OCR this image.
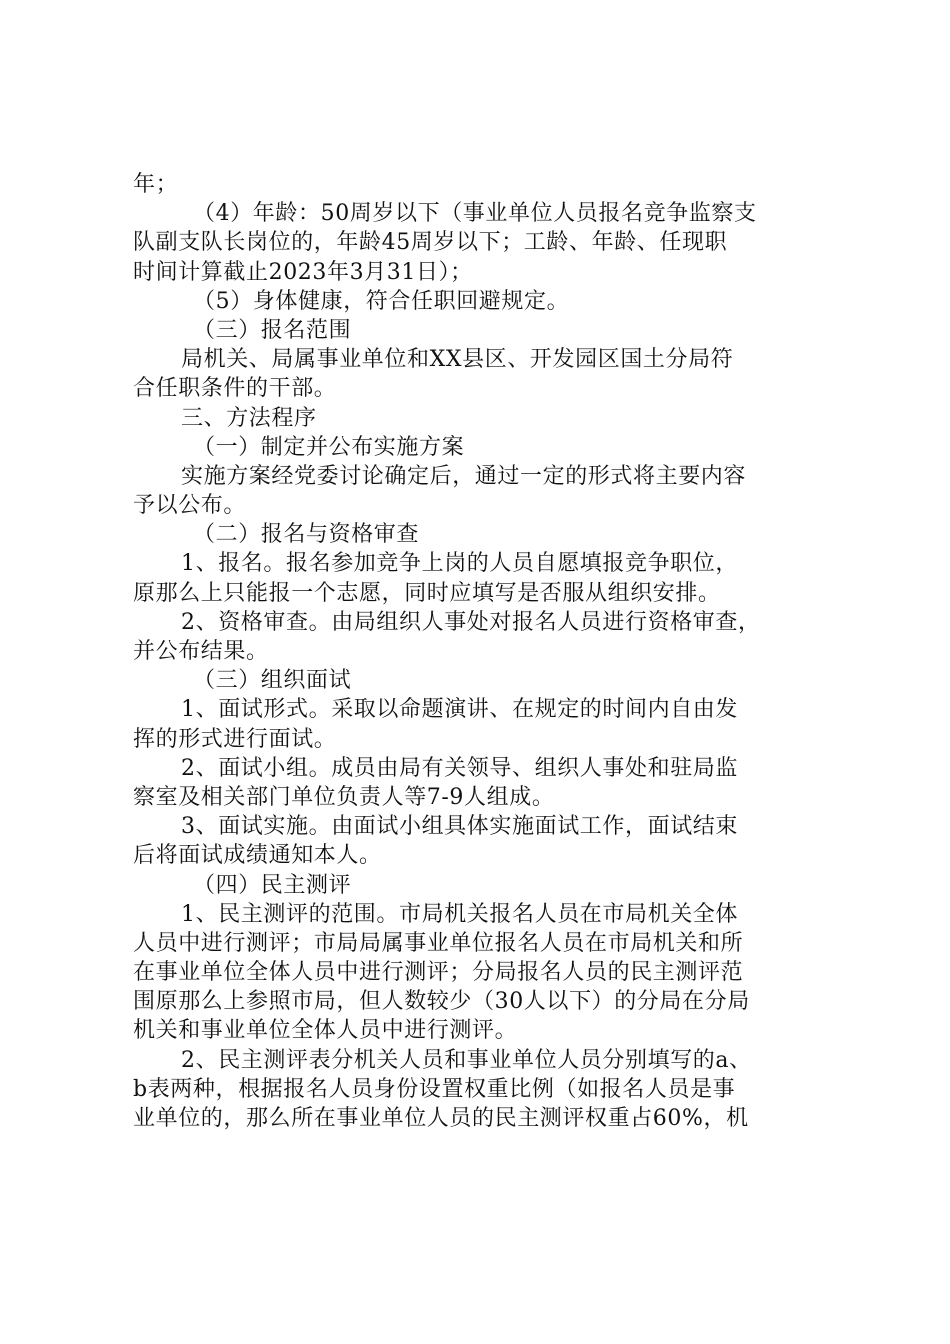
年；
（4）年龄：50周岁以下（事业单位人员报名竞争监察支
队副支队长岗位的，年龄45周岁以下；工龄、年龄、任现职
时间计算截止2023年3月31日）；
（5）身体健康，符合任职回避规定。
（三）报名范围
局机关、局属事业单位和XX县区、开发园区国土分局符
合任职条件的干部。
三、方法程序
（一）制定并公布实施方案
实施方案经党委讨论确定后，通过一定的形式将主要内容
予以公布。
（二）报名与资格审查
1、报名。报名参加竞争上岗的人员自愿填报竞争职位，
原那么上只能报一个志愿，同时应填写是否服从组织安排。
2、资格审查。由局组织人事处对报名人员进行资格审查，
并公布结果。
（三）组织面试
1、面试形式。采取以命题演讲、在规定的时间内自由发
挥的形式进行面试。
2、面试小组。成员由局有关领导、组织人事处和驻局监
察室及相关部门单位负责人等7-9人组成。
3、面试实施。由面试小组具体实施面试工作，面试结束
后将面试成绩通知本人。
（四）民主测评
1、民主测评的范围。市局机关报名人员在市局机关全体
人员中进行测评；市局局属事业单位报名人员在市局机关和所
在事业单位全体人员中进行测评；分局报名人员的民主测评范
围原那么上参照市局，但人数较少（30人以下）的分局在分局
机关和事业单位全体人员中进行测评。
2、民主测评表分机关人员和事业单位人员分别填写的a、
b表两种，根据报名人员身份设置权重比例（如报名人员是事
业单位的，那么所在事业单位人员的民主测评权重占60%，机
